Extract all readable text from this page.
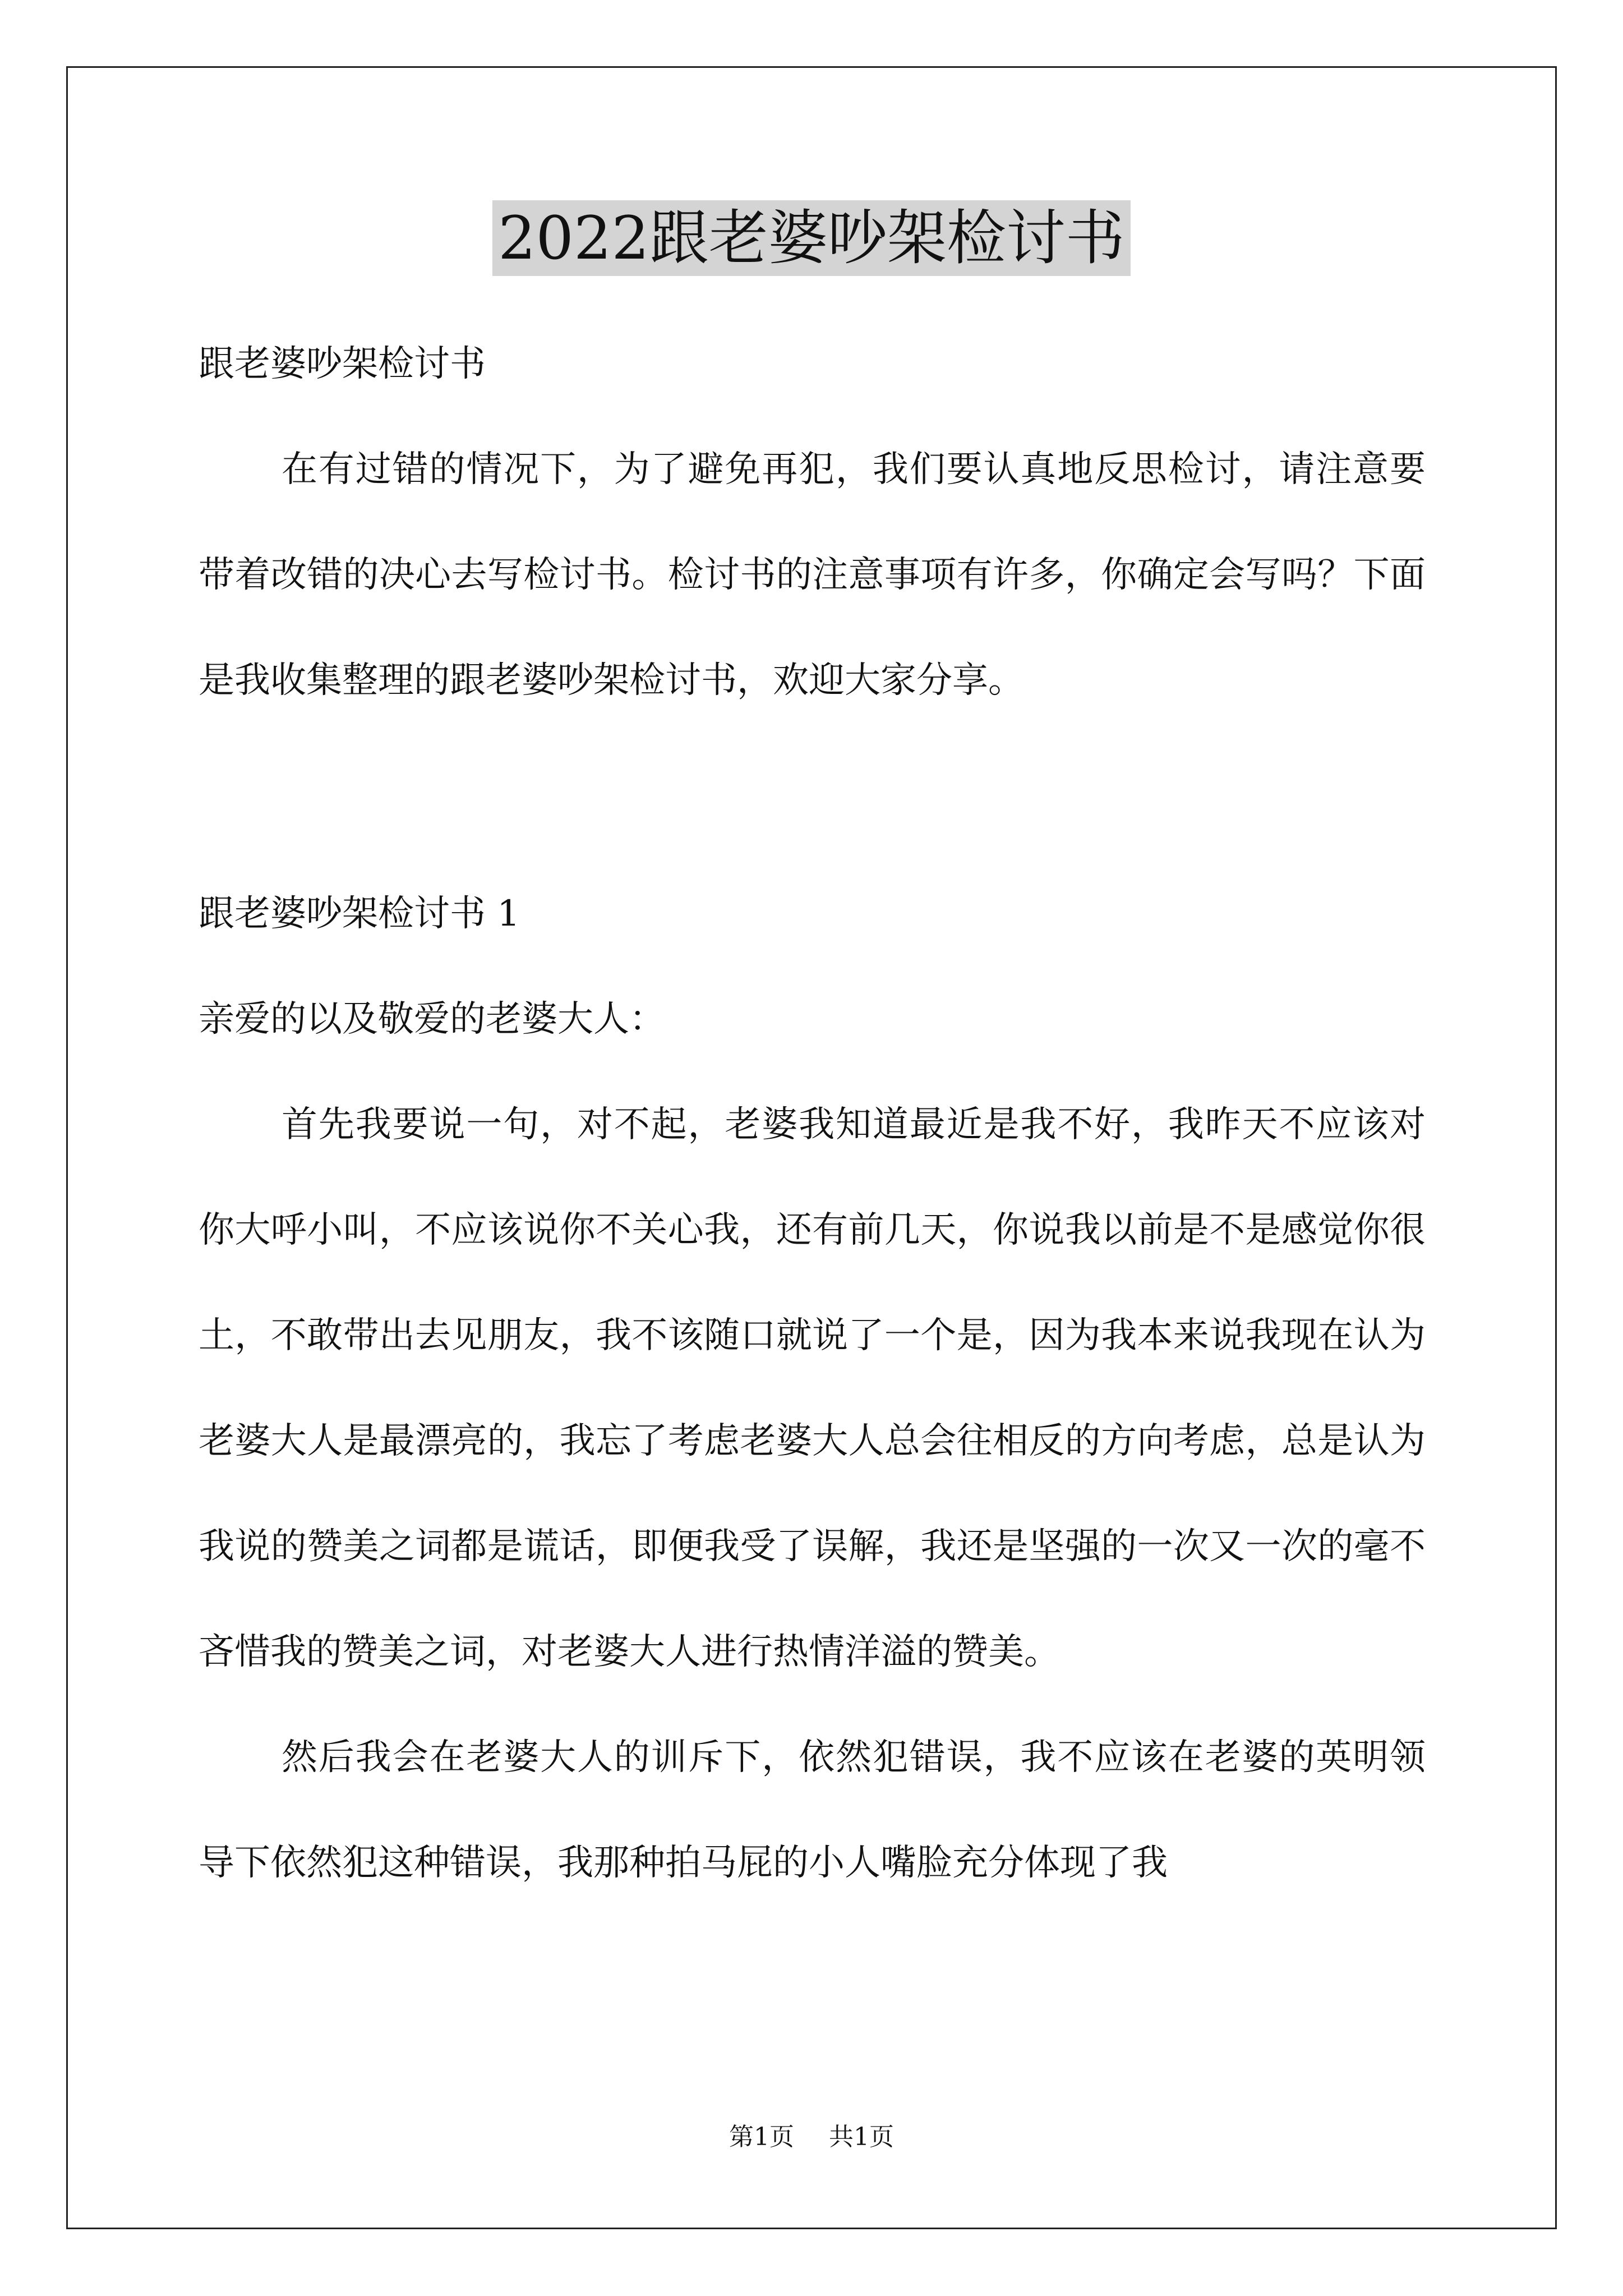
2022跟老婆吵架检讨书

跟老婆吵架检讨书

在有过错的情况下，为了避免再犯，我们要认真地反思检讨，请注意要带着改错的决心去写检讨书。检讨书的注意事项有许多，你确定会写吗？下面是我收集整理的跟老婆吵架检讨书，欢迎大家分享。

跟老婆吵架检讨书 1

亲爱的以及敬爱的老婆大人：

首先我要说一句，对不起，老婆我知道最近是我不好，我昨天不应该对你大呼小叫，不应该说你不关心我，还有前几天，你说我以前是不是感觉你很土，不敢带出去见朋友，我不该随口就说了一个是，因为我本来说我现在认为老婆大人是最漂亮的，我忘了考虑老婆大人总会往相反的方向考虑，总是认为我说的赞美之词都是谎话，即便我受了误解，我还是坚强的一次又一次的毫不吝惜我的赞美之词，对老婆大人进行热情洋溢的赞美。

然后我会在老婆大人的训斥下，依然犯错误，我不应该在老婆的英明领导下依然犯这种错误，我那种拍马屁的小人嘴脸充分体现了我

第1页 共1页
